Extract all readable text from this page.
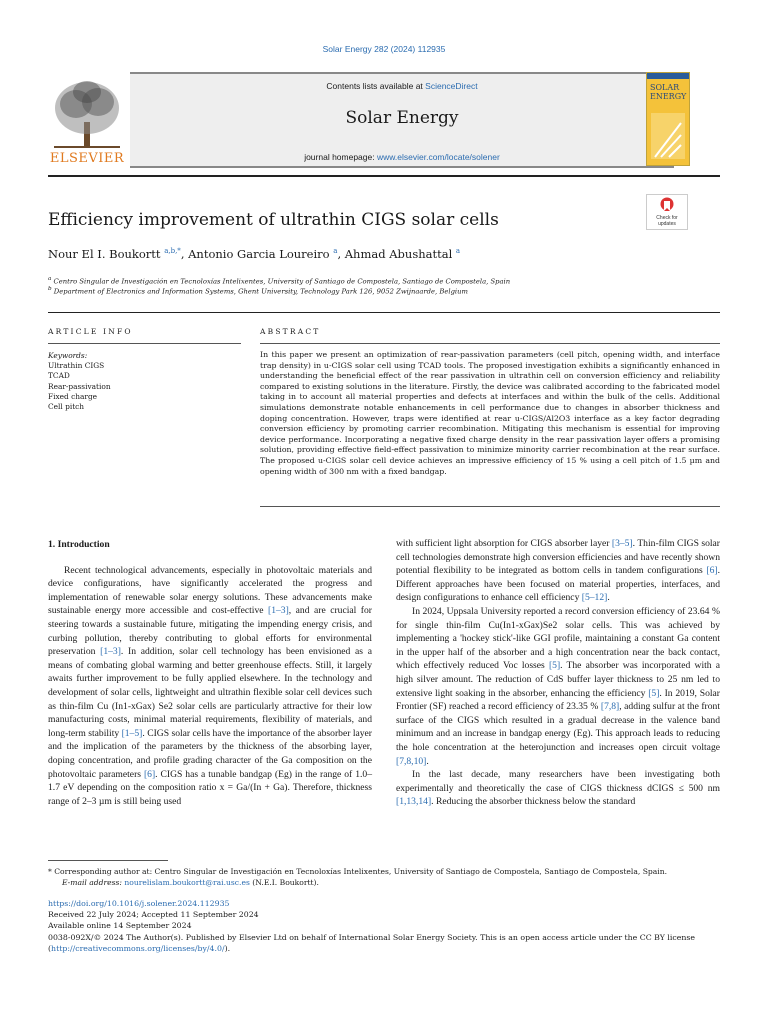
Solar Energy 282 (2024) 112935
ELSEVIER
Contents lists available at ScienceDirect
Solar Energy
journal homepage: www.elsevier.com/locate/solener
SOLAR
ENERGY
Efficiency improvement of ultrathin CIGS solar cells	Check for updates
Nour El I. Boukortt $^{a,b,*}$, Antonio Garcia Loureiro $^a$, Ahmad Abushattal $^a$
$^a$ Centro Singular de Investigación en Tecnoloxías Intelixentes, University of Santiago de Compostela, Santiago de Compostela, Spain
$^b$ Department of Electronics and Information Systems, Ghent University, Technology Park 126, 9052 Zwijnaarde, Belgium
ARTICLE INFO	ABSTRACT
Keywords:
Ultrathin CIGS
TCAD
Rear-passivation
Fixed charge
Cell pitch
In this paper we present an optimization of rear-passivation parameters (cell pitch, opening width, and interface trap density) in u-CIGS solar cell using TCAD tools. The proposed investigation exhibits a significantly enhanced in understanding the beneficial effect of the rear passivation in ultrathin cell on conversion efficiency and reliability compared to existing solutions in the literature. Firstly, the device was calibrated according to the fabricated model taking in to account all material properties and defects at interfaces and within the bulk of the cells. Additional simulations demonstrate notable enhancements in cell performance due to changes in absorber thickness and doping concentration. However, traps were identified at rear u-CIGS/Al2O3 interface as a key factor degrading conversion efficiency by promoting carrier recombination. Mitigating this mechanism is essential for improving device performance. Incorporating a negative fixed charge density in the rear passivation layer offers a promising solution, providing effective field-effect passivation to minimize minority carrier recombination at the rear surface. The proposed u-CIGS solar cell device achieves an impressive efficiency of 15 % using a cell pitch of 1.5 µm and opening width of 300 nm with a fixed bandgap.
1. Introduction

Recent technological advancements, especially in photovoltaic materials and device configurations, have significantly accelerated the progress and implementation of renewable solar energy solutions. These advancements make sustainable energy more accessible and cost-effective [1–3], and are crucial for steering towards a sustainable future, mitigating the impending energy crisis, and curbing pollution, thereby contributing to global efforts for environmental preservation [1–3]. In addition, solar cell technology has been envisioned as a means of combating global warming and better greenhouse effects. Still, it largely awaits further improvement to be fully applied elsewhere. In the technology and development of solar cells, lightweight and ultrathin flexible solar cell devices such as thin-film Cu (In1-xGax) Se2 solar cells are particularly attractive for their low manufacturing costs, minimal material requirements, flexibility of materials, and long-term stability [1–5]. CIGS solar cells have the importance of the absorber layer and the implication of the parameters by the thickness of the absorbing layer, doping concentration, and profile grading character of the Ga composition on the photovoltaic parameters [6]. CIGS has a tunable bandgap (Eg) in the range of 1.0–1.7 eV depending on the composition ratio x = Ga/(In + Ga). Therefore, thickness range of 2–3 µm is still being used

with sufficient light absorption for CIGS absorber layer [3–5]. Thin-film CIGS solar cell technologies demonstrate high conversion efficiencies and have recently shown potential flexibility to be integrated as bottom cells in tandem configurations [6]. Different approaches have been focused on material properties, interfaces, and design configurations to enhance cell efficiency [5–12].

In 2024, Uppsala University reported a record conversion efficiency of 23.64 % for single thin-film Cu(In1-xGax)Se2 solar cells. This was achieved by implementing a 'hockey stick'-like GGI profile, maintaining a constant Ga content in the upper half of the absorber and a high concentration near the back contact, which effectively reduced Voc losses [5]. The absorber was incorporated with a high silver amount. The reduction of CdS buffer layer thickness to 25 nm led to extensive light soaking in the absorber, enhancing the efficiency [5]. In 2019, Solar Frontier (SF) reached a record efficiency of 23.35 % [7,8], adding sulfur at the front surface of the CIGS which resulted in a gradual decrease in the valence band minimum and an increase in bandgap energy (Eg). This approach leads to reducing the hole concentration at the heterojunction and increases open circuit voltage [7,8,10].

In the last decade, many researchers have been investigating both experimentally and theoretically the case of CIGS thickness dCIGS ≤ 500 nm [1,13,14]. Reducing the absorber thickness below the standard

* Corresponding author at: Centro Singular de Investigación en Tecnoloxías Intelixentes, University of Santiago de Compostela, Santiago de Compostela, Spain.
E-mail address: nourelislam.boukortt@rai.usc.es (N.E.I. Boukortt).
https://doi.org/10.1016/j.solener.2024.112935
Received 22 July 2024; Accepted 11 September 2024
Available online 14 September 2024
0038-092X/© 2024 The Author(s). Published by Elsevier Ltd on behalf of International Solar Energy Society. This is an open access article under the CC BY license (http://creativecommons.org/licenses/by/4.0/).
